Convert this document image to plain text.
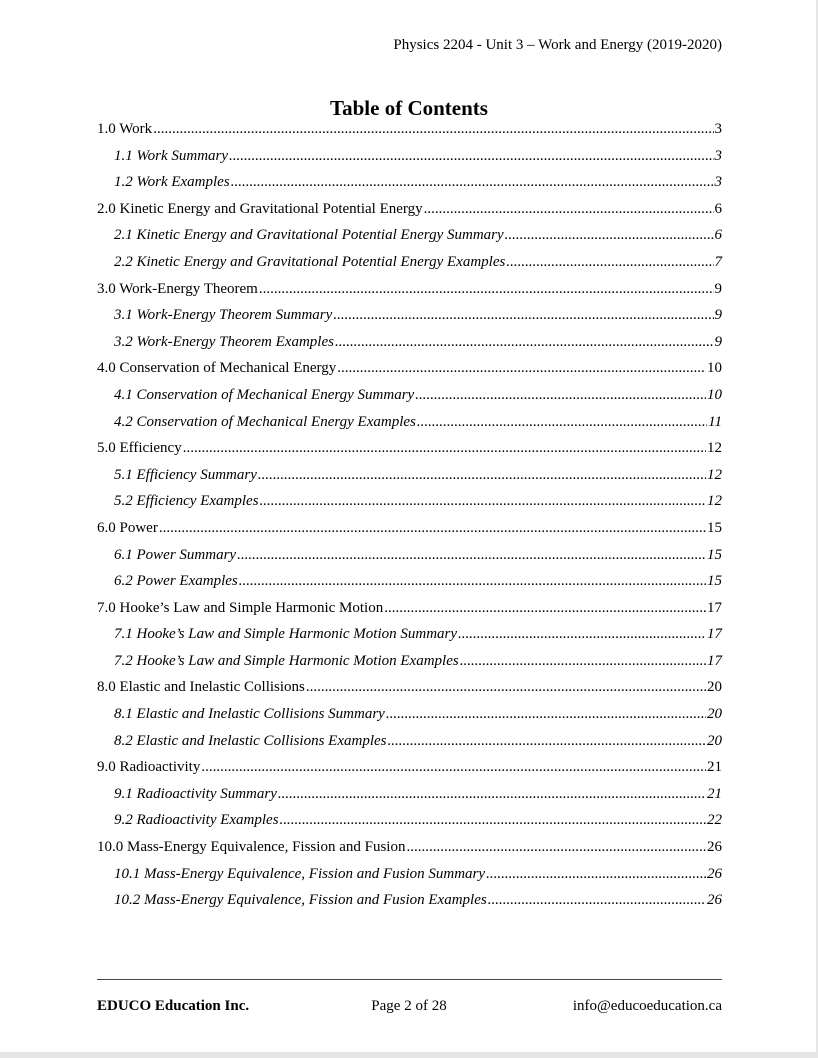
Physics 2204 - Unit 3 – Work and Energy (2019-2020)
Table of Contents
1.0 Work .....	3
1.1 Work Summary .....	3
1.2 Work Examples .....	3
2.0 Kinetic Energy and Gravitational Potential Energy .....	6
2.1 Kinetic Energy and Gravitational Potential Energy Summary .....	6
2.2 Kinetic Energy and Gravitational Potential Energy Examples .....	7
3.0 Work-Energy Theorem .....	9
3.1 Work-Energy Theorem Summary .....	9
3.2 Work-Energy Theorem Examples .....	9
4.0 Conservation of Mechanical Energy .....	10
4.1 Conservation of Mechanical Energy Summary .....	10
4.2 Conservation of Mechanical Energy Examples .....	11
5.0 Efficiency .....	12
5.1 Efficiency Summary .....	12
5.2 Efficiency Examples .....	12
6.0 Power .....	15
6.1 Power Summary .....	15
6.2 Power Examples .....	15
7.0 Hooke’s Law and Simple Harmonic Motion .....	17
7.1 Hooke’s Law and Simple Harmonic Motion Summary .....	17
7.2 Hooke’s Law and Simple Harmonic Motion Examples .....	17
8.0 Elastic and Inelastic Collisions .....	20
8.1 Elastic and Inelastic Collisions Summary .....	20
8.2 Elastic and Inelastic Collisions Examples .....	20
9.0 Radioactivity .....	21
9.1 Radioactivity Summary .....	21
9.2 Radioactivity Examples .....	22
10.0 Mass-Energy Equivalence, Fission and Fusion .....	26
10.1 Mass-Energy Equivalence, Fission and Fusion Summary .....	26
10.2 Mass-Energy Equivalence, Fission and Fusion Examples .....	26
EDUCO Education Inc.	Page 2 of 28	info@educoeducation.ca
